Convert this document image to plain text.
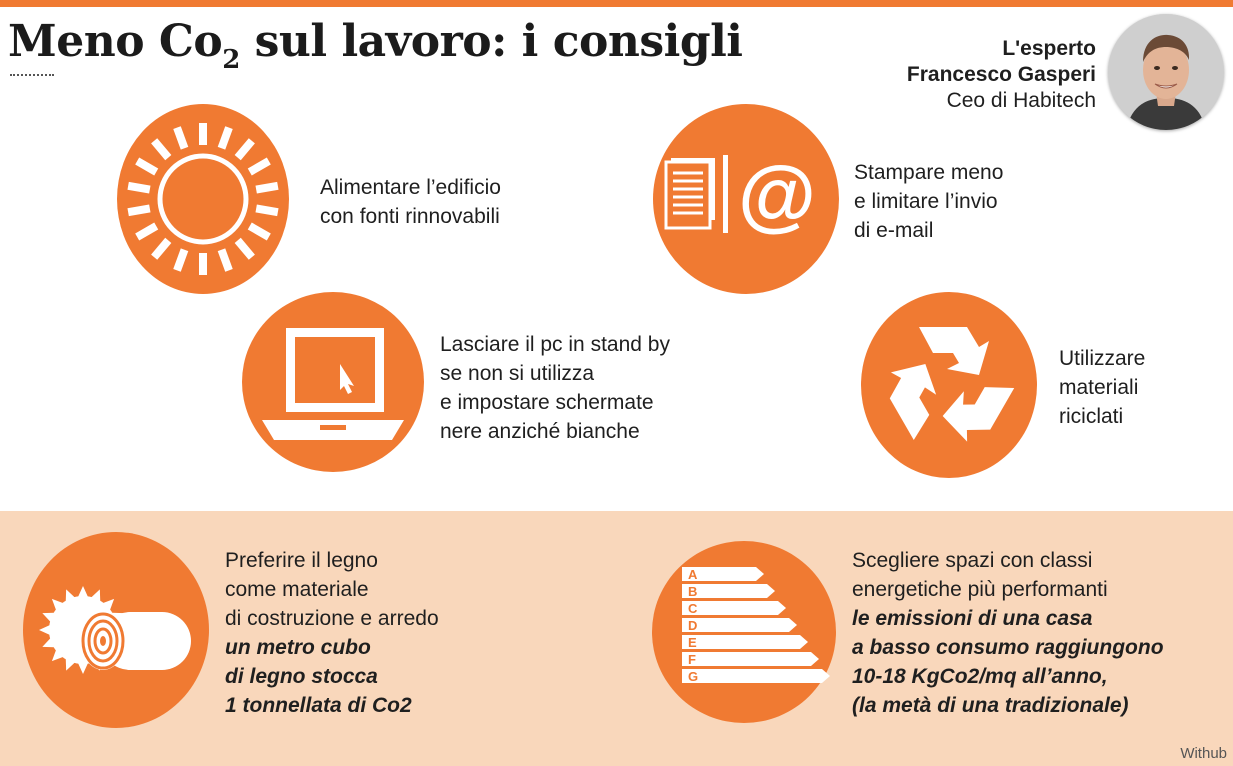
Meno $Co_2$ sul lavoro: i consigli	L'esperto
Francesco Gasperi
Ceo di Habitech
Alimentare l’edificio
con fonti rinnovabili	@ Stampare meno
e limitare l’invio
di e-mail
Lasciare il pc in stand by
se non si utilizza
e impostare schermate
nere anziché bianche
Utilizzare
materiali
riciclati
Preferire il legno
come materiale
di costruzione e arredo
un metro cubo
di legno stocca
1 tonnellata di Co2
A
B
C
D
E
F
G
Scegliere spazi con classi
energetiche più performanti
le emissioni di una casa
a basso consumo raggiungono
10-18 KgCo2/mq all’anno,
(la metà di una tradizionale)
Withub
